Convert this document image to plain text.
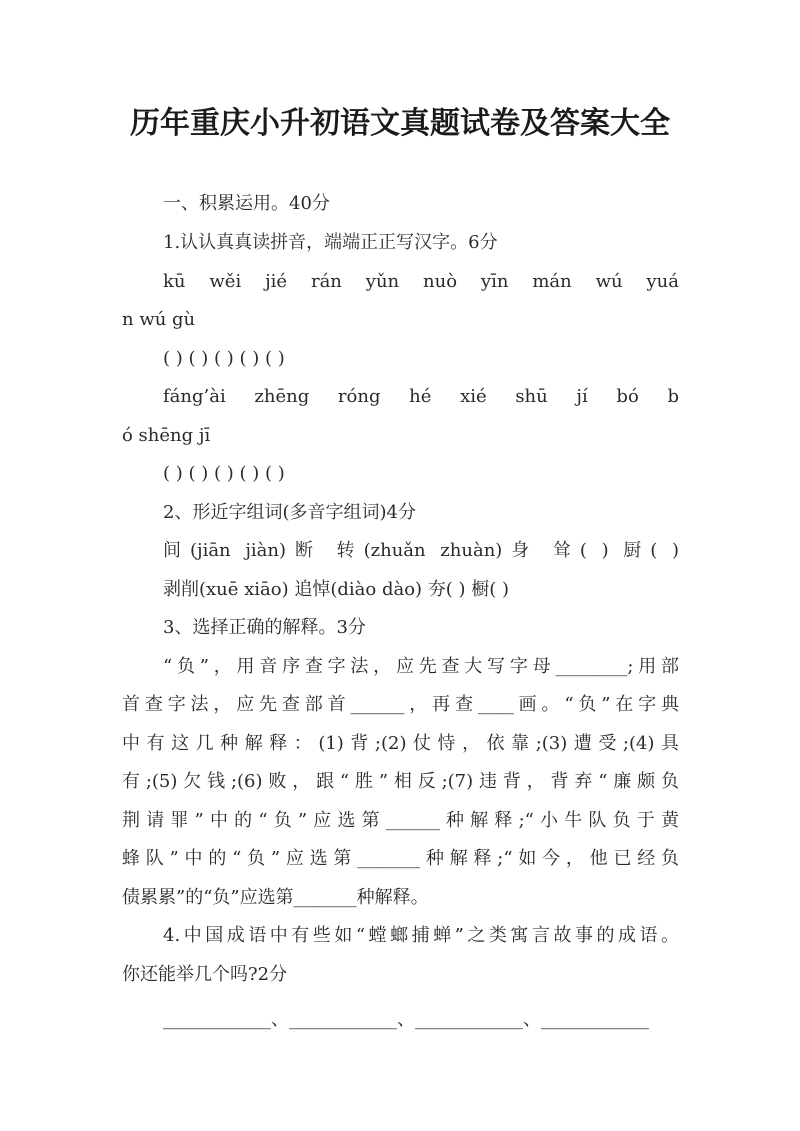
历年重庆小升初语文真题试卷及答案大全
一、积累运用。40分
1.认认真真读拼音，端端正正写汉字。6分
kū wěi jié rán yǔn nuò yīn mán wú yuá
n wú gù
( ) ( ) ( ) ( ) ( )
fáng’ài zhēng róng hé xié shū jí bó b
ó shēng jī
( ) ( ) ( ) ( ) ( )
2、形近字组词(多音字组词)4分
间(jiān jiàn)断 转(zhuǎn zhuàn)身 耸( ) 厨( )
剥削(xuē xiāo) 追悼(diào dào) 夯( ) 橱( )
3、选择正确的解释。3分
“负”，用音序查字法，应先查大写字母________;用部
首查字法，应先查部首______，再查____画。“负”在字典
中有这几种解释：(1)背;(2)仗恃，依靠;(3)遭受;(4)具
有;(5)欠钱;(6)败，跟“胜”相反;(7)违背，背弃“廉颇负
荆请罪”中的“负”应选第______种解释;“小牛队负于黄
蜂队”中的“负”应选第_______种解释;“如今，他已经负
债累累”的“负”应选第_______种解释。
4.中国成语中有些如“螳螂捕蝉”之类寓言故事的成语。
你还能举几个吗?2分
____________、____________、____________、____________
